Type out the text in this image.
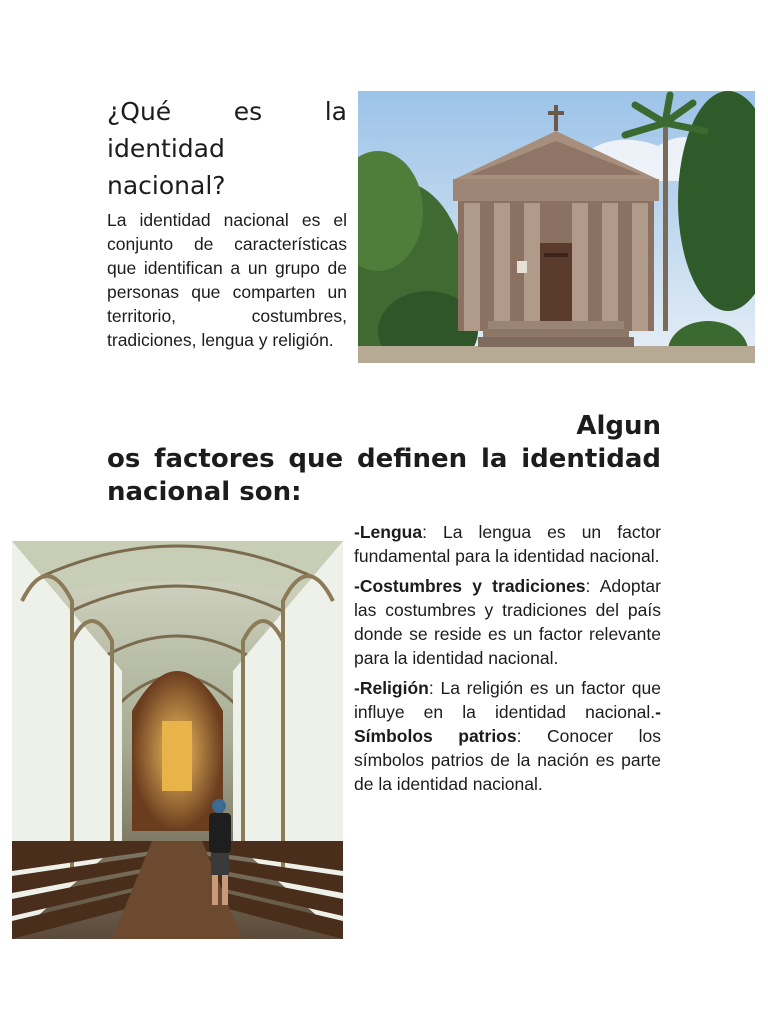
¿Qué es la identidad nacional?

La identidad nacional es el conjunto de características que identifican a un grupo de personas que comparten un territorio, costumbres, tradiciones, lengua y religión.

Algun
os factores que definen la identidad nacional son:

-Lengua: La lengua es un factor fundamental para la identidad nacional.

-Costumbres y tradiciones: Adoptar las costumbres y tradiciones del país donde se reside es un factor relevante para la identidad nacional.

-Religión: La religión es un factor que influye en la identidad nacional.-Símbolos patrios: Conocer los símbolos patrios de la nación es parte de la identidad nacional.
